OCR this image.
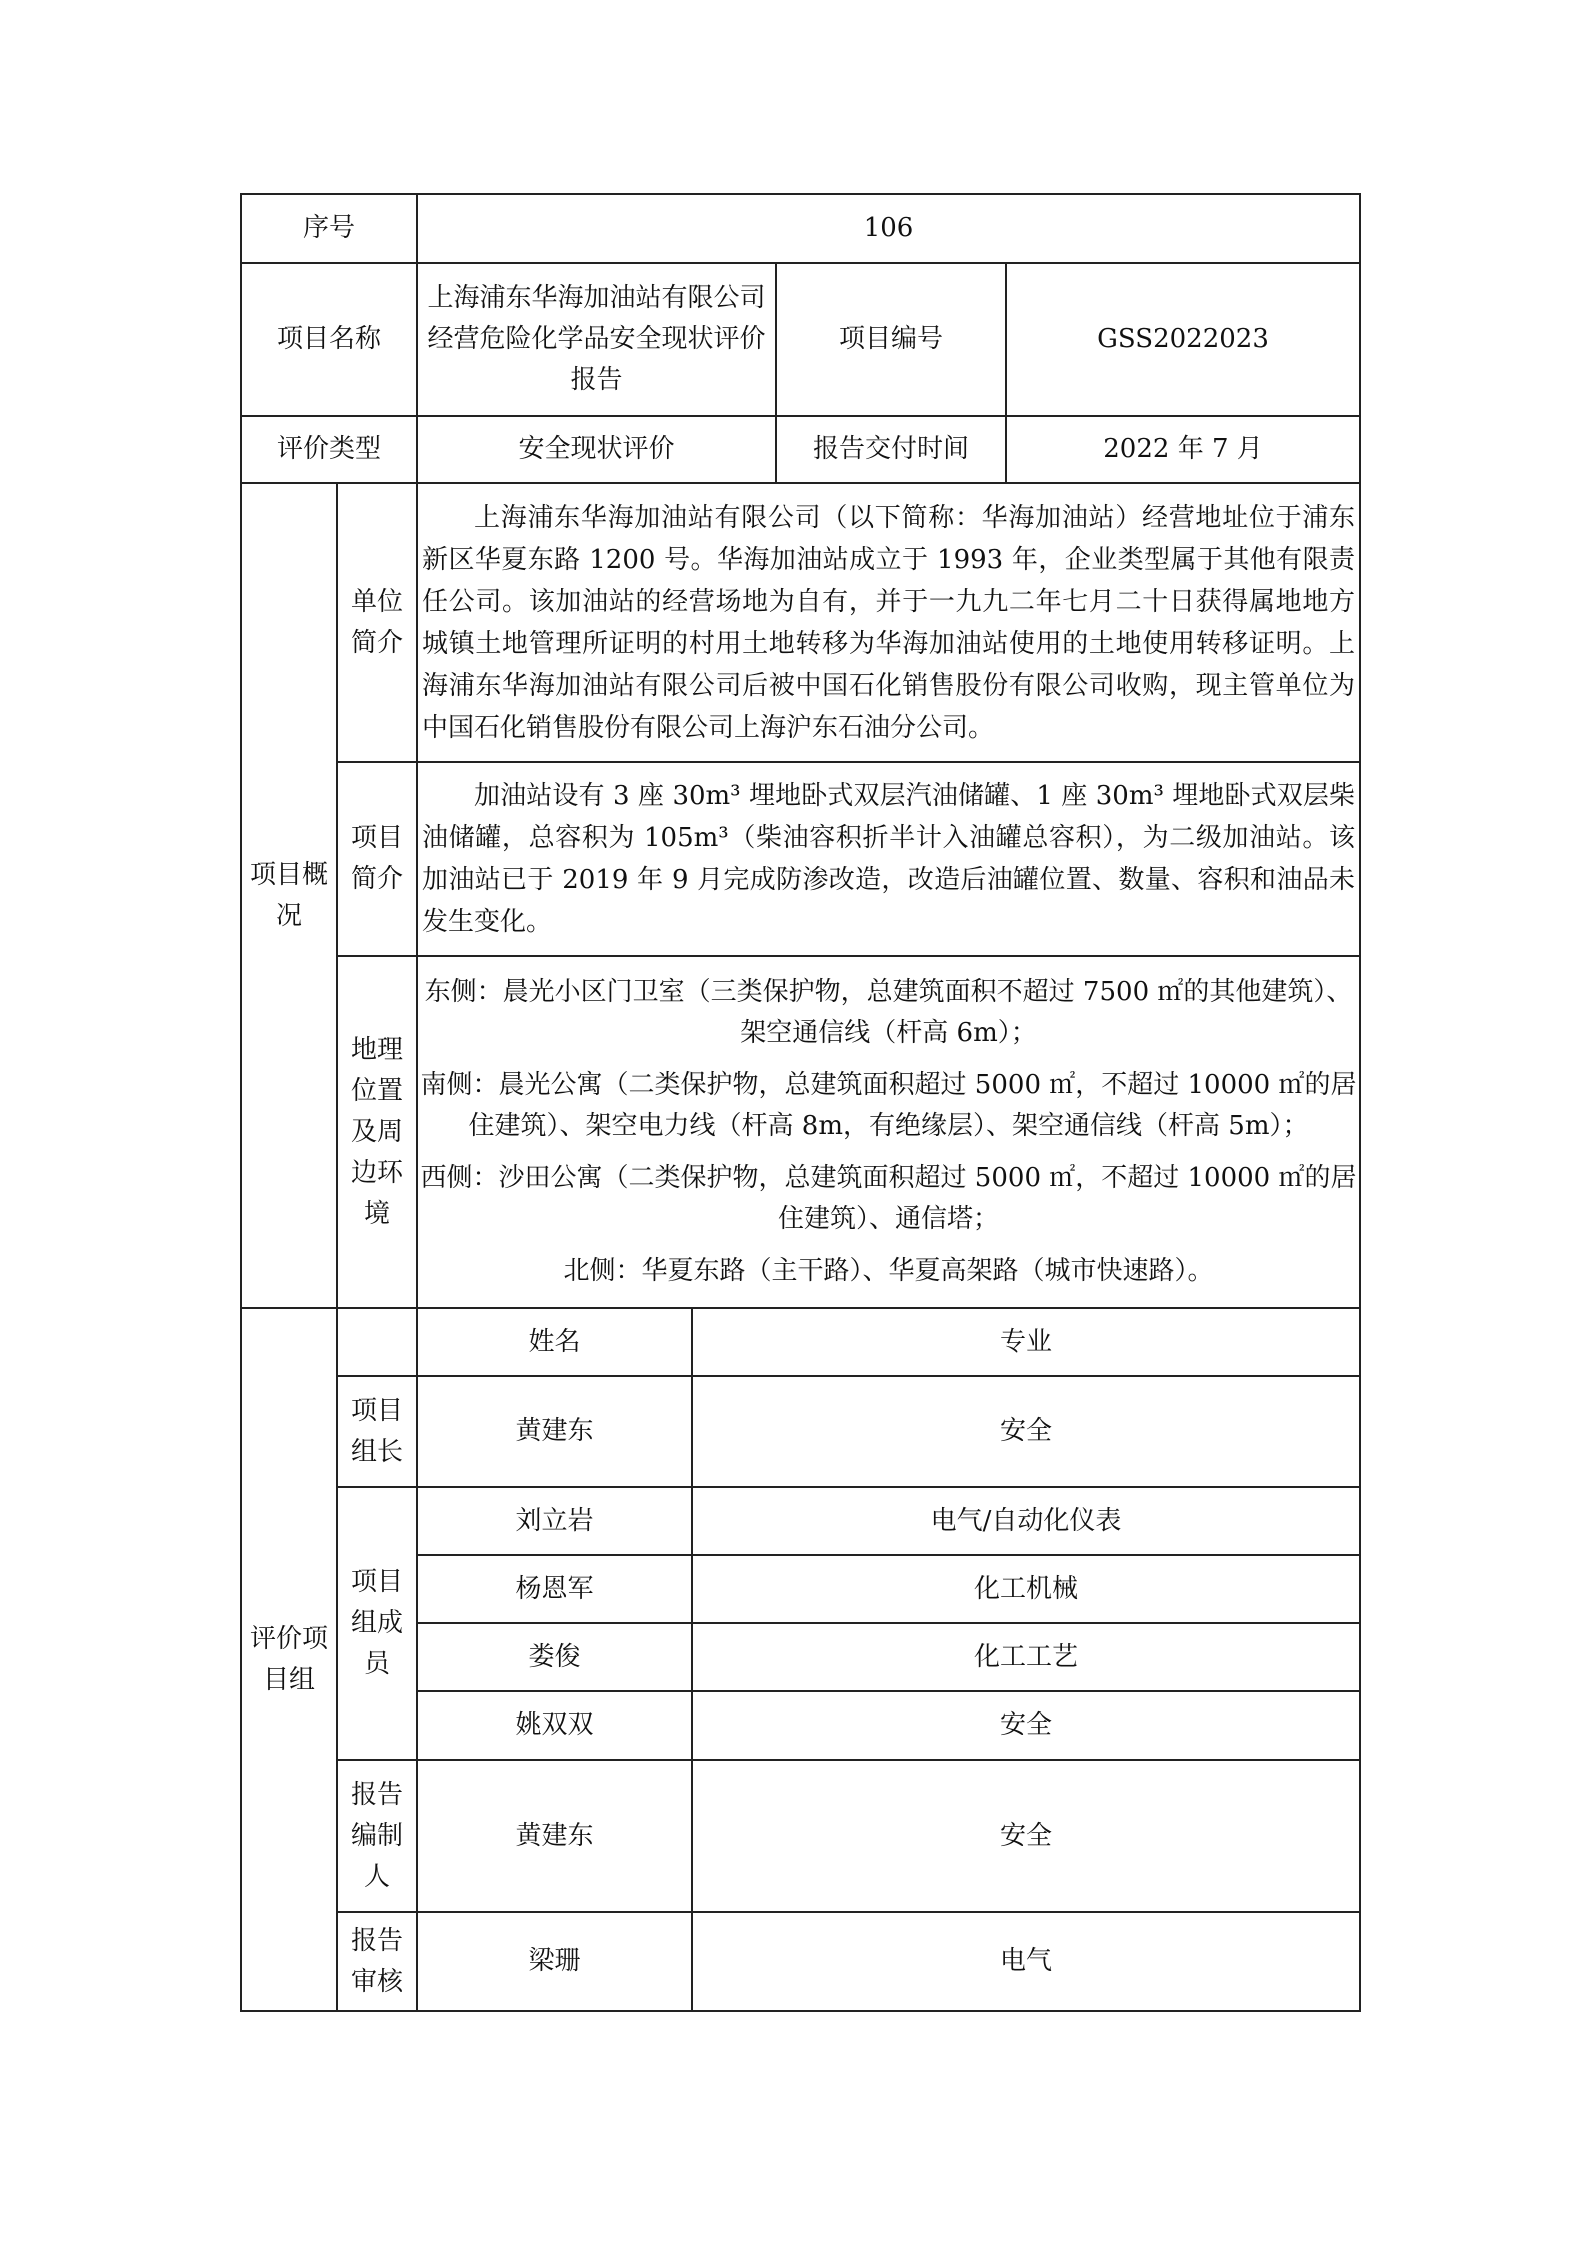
序号		106			
项目名称		上海浦东华海加油站有限公司经营危险化学品安全现状评价报告		项目编号	GSS2022023
评价类型		安全现状评价		报告交付时间	2022 年 7 月
项目概况	单位简介	上海浦东华海加油站有限公司（以下简称：华海加油站）经营地址位于浦东新区华夏东路 1200 号。华海加油站成立于 1993 年，企业类型属于其他有限责任公司。该加油站的经营场地为自有，并于一九九二年七月二十日获得属地地方城镇土地管理所证明的村用土地转移为华海加油站使用的土地使用转移证明。上海浦东华海加油站有限公司后被中国石化销售股份有限公司收购，现主管单位为中国石化销售股份有限公司上海沪东石油分公司。			

	项目简介	加油站设有 3 座 30m³ 埋地卧式双层汽油储罐、1 座 30m³ 埋地卧式双层柴油储罐，总容积为 105m³（柴油容积折半计入油罐总容积），为二级加油站。该加油站已于 2019 年 9 月完成防渗改造，改造后油罐位置、数量、容积和油品未发生变化。			

	地理位置及周边环境	东侧：晨光小区门卫室（三类保护物，总建筑面积不超过 7500 ㎡的其他建筑）、架空通信线（杆高 6m）；

南侧：晨光公寓（二类保护物，总建筑面积超过 5000 ㎡，不超过 10000 ㎡的居住建筑）、架空电力线（杆高 8m，有绝缘层）、架空通信线（杆高 5m）；

西侧：沙田公寓（二类保护物，总建筑面积超过 5000 ㎡，不超过 10000 ㎡的居住建筑）、通信塔；

北侧：华夏东路（主干路）、华夏高架路（城市快速路）。			

评价项目组		姓名	专业		
	项目组长	黄建东	安全		
	项目组成员	刘立岩	电气/自动化仪表		
		杨恩军	化工机械		
		娄俊	化工工艺		
		姚双双	安全		
	报告编制人	黄建东	安全		
	报告审核	梁珊	电气		
